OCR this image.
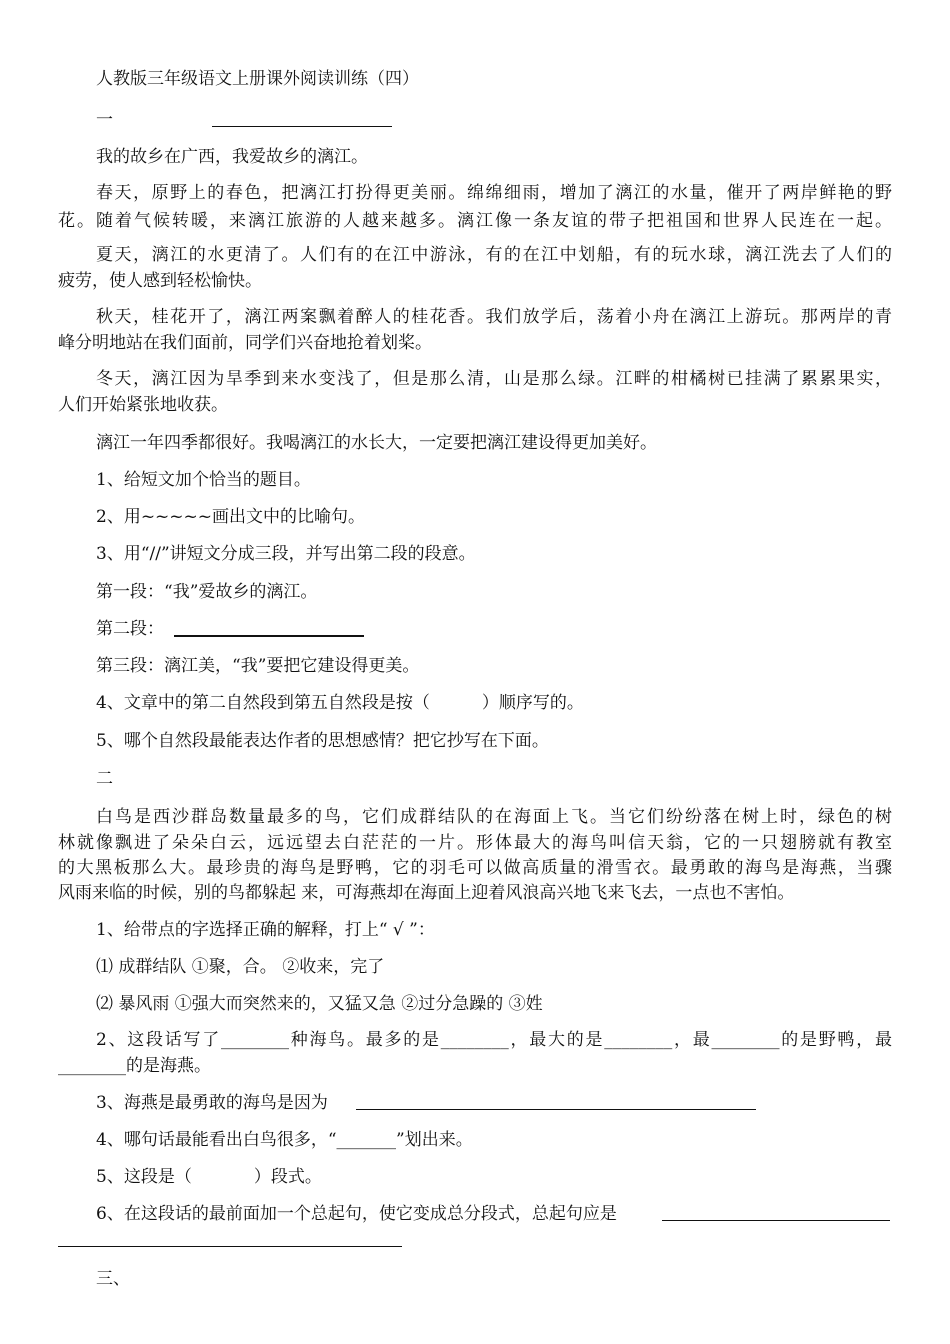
人教版三年级语文上册课外阅读训练（四）
一
我的故乡在广西，我爱故乡的漓江。
春天，原野上的春色，把漓江打扮得更美丽。绵绵细雨，增加了漓江的水量，催开了两岸鲜艳的野
花。随着气候转暖，来漓江旅游的人越来越多。漓江像一条友谊的带子把祖国和世界人民连在一起。
夏天，漓江的水更清了。人们有的在江中游泳，有的在江中划船，有的玩水球，漓江洗去了人们的
疲劳，使人感到轻松愉快。
秋天，桂花开了，漓江两案飘着醉人的桂花香。我们放学后，荡着小舟在漓江上游玩。那两岸的青
峰分明地站在我们面前，同学们兴奋地抢着划桨。
冬天，漓江因为旱季到来水变浅了，但是那么清，山是那么绿。江畔的柑橘树已挂满了累累果实，
人们开始紧张地收获。
漓江一年四季都很好。我喝漓江的水长大，一定要把漓江建设得更加美好。
1、给短文加个恰当的题目。
2、用~~~~~画出文中的比喻句。
3、用“//”讲短文分成三段，并写出第二段的段意。
第一段：“我”爱故乡的漓江。
第二段：
第三段：漓江美，“我”要把它建设得更美。
4、文章中的第二自然段到第五自然段是按（	）顺序写的。
5、哪个自然段最能表达作者的思想感情？把它抄写在下面。
二
白鸟是西沙群岛数量最多的鸟，它们成群结队的在海面上飞。当它们纷纷落在树上时，绿色的树
林就像飘进了朵朵白云，远远望去白茫茫的一片。形体最大的海鸟叫信天翁，它的一只翅膀就有教室
的大黑板那么大。最珍贵的海鸟是野鸭，它的羽毛可以做高质量的滑雪衣。最勇敢的海鸟是海燕，当骤
风雨来临的时候，别的鸟都躲起 来，可海燕却在海面上迎着风浪高兴地飞来飞去，一点也不害怕。
1、给带点的字选择正确的解释，打上“ √ ”：
⑴ 成群结队 ①聚，合。 ②收来，完了
⑵ 暴风雨 ①强大而突然来的，又猛又急 ②过分急躁的 ③姓
2、这段话写了________种海鸟。最多的是________，最大的是________，最________的是野鸭，最
________的是海燕。
3、海燕是最勇敢的海鸟是因为
4、哪句话最能看出白鸟很多，“_______”划出来。
5、这段是（	）段式。
6、在这段话的最前面加一个总起句，使它变成总分段式，总起句应是
三、
